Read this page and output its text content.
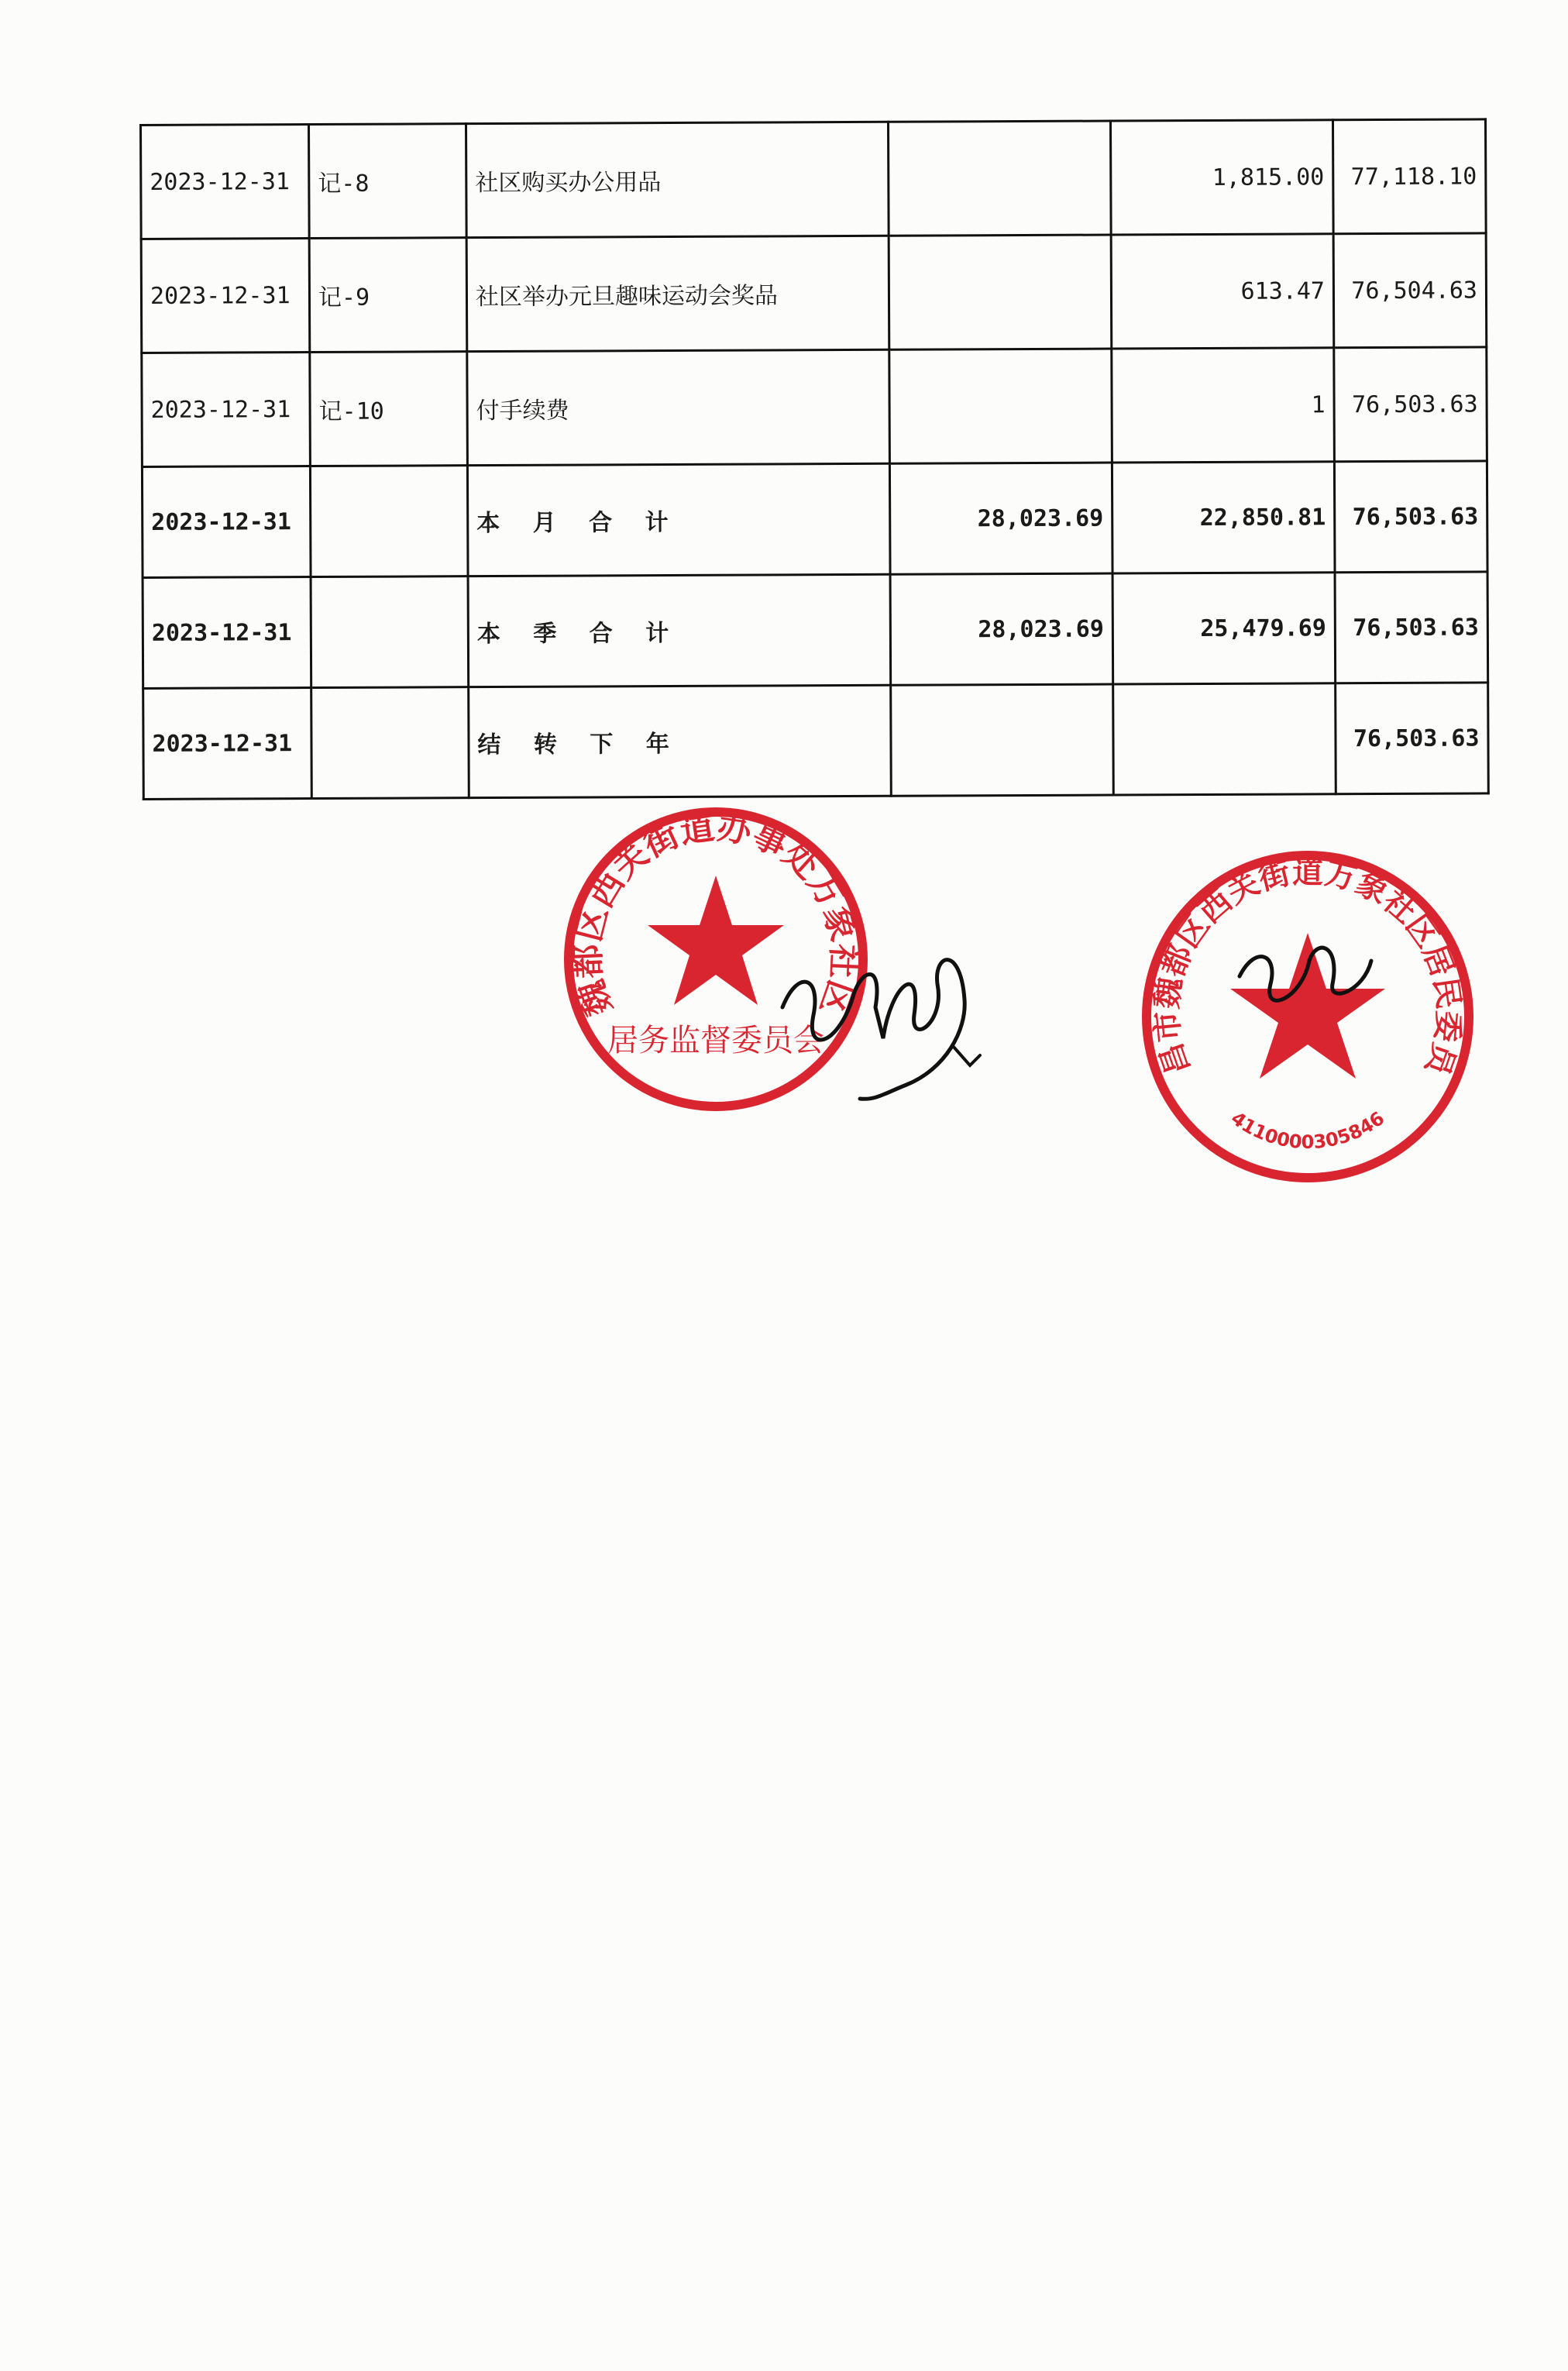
2023-12-31	记-8	社区购买办公用品		1,815.00	77,118.10
2023-12-31	记-9	社区举办元旦趣味运动会奖品		613.47	76,504.63
2023-12-31	记-10	付手续费		1	76,503.63
2023-12-31		本 月 合 计	28,023.69	22,850.81	76,503.63
2023-12-31		本 季 合 计	28,023.69	25,479.69	76,503.63
2023-12-31		结 转 下 年			76,503.63
魏都区西关街道办事处万象社区
居务监督委员会	昌市魏都区西关街道万象社区居民委员
4110000305846
